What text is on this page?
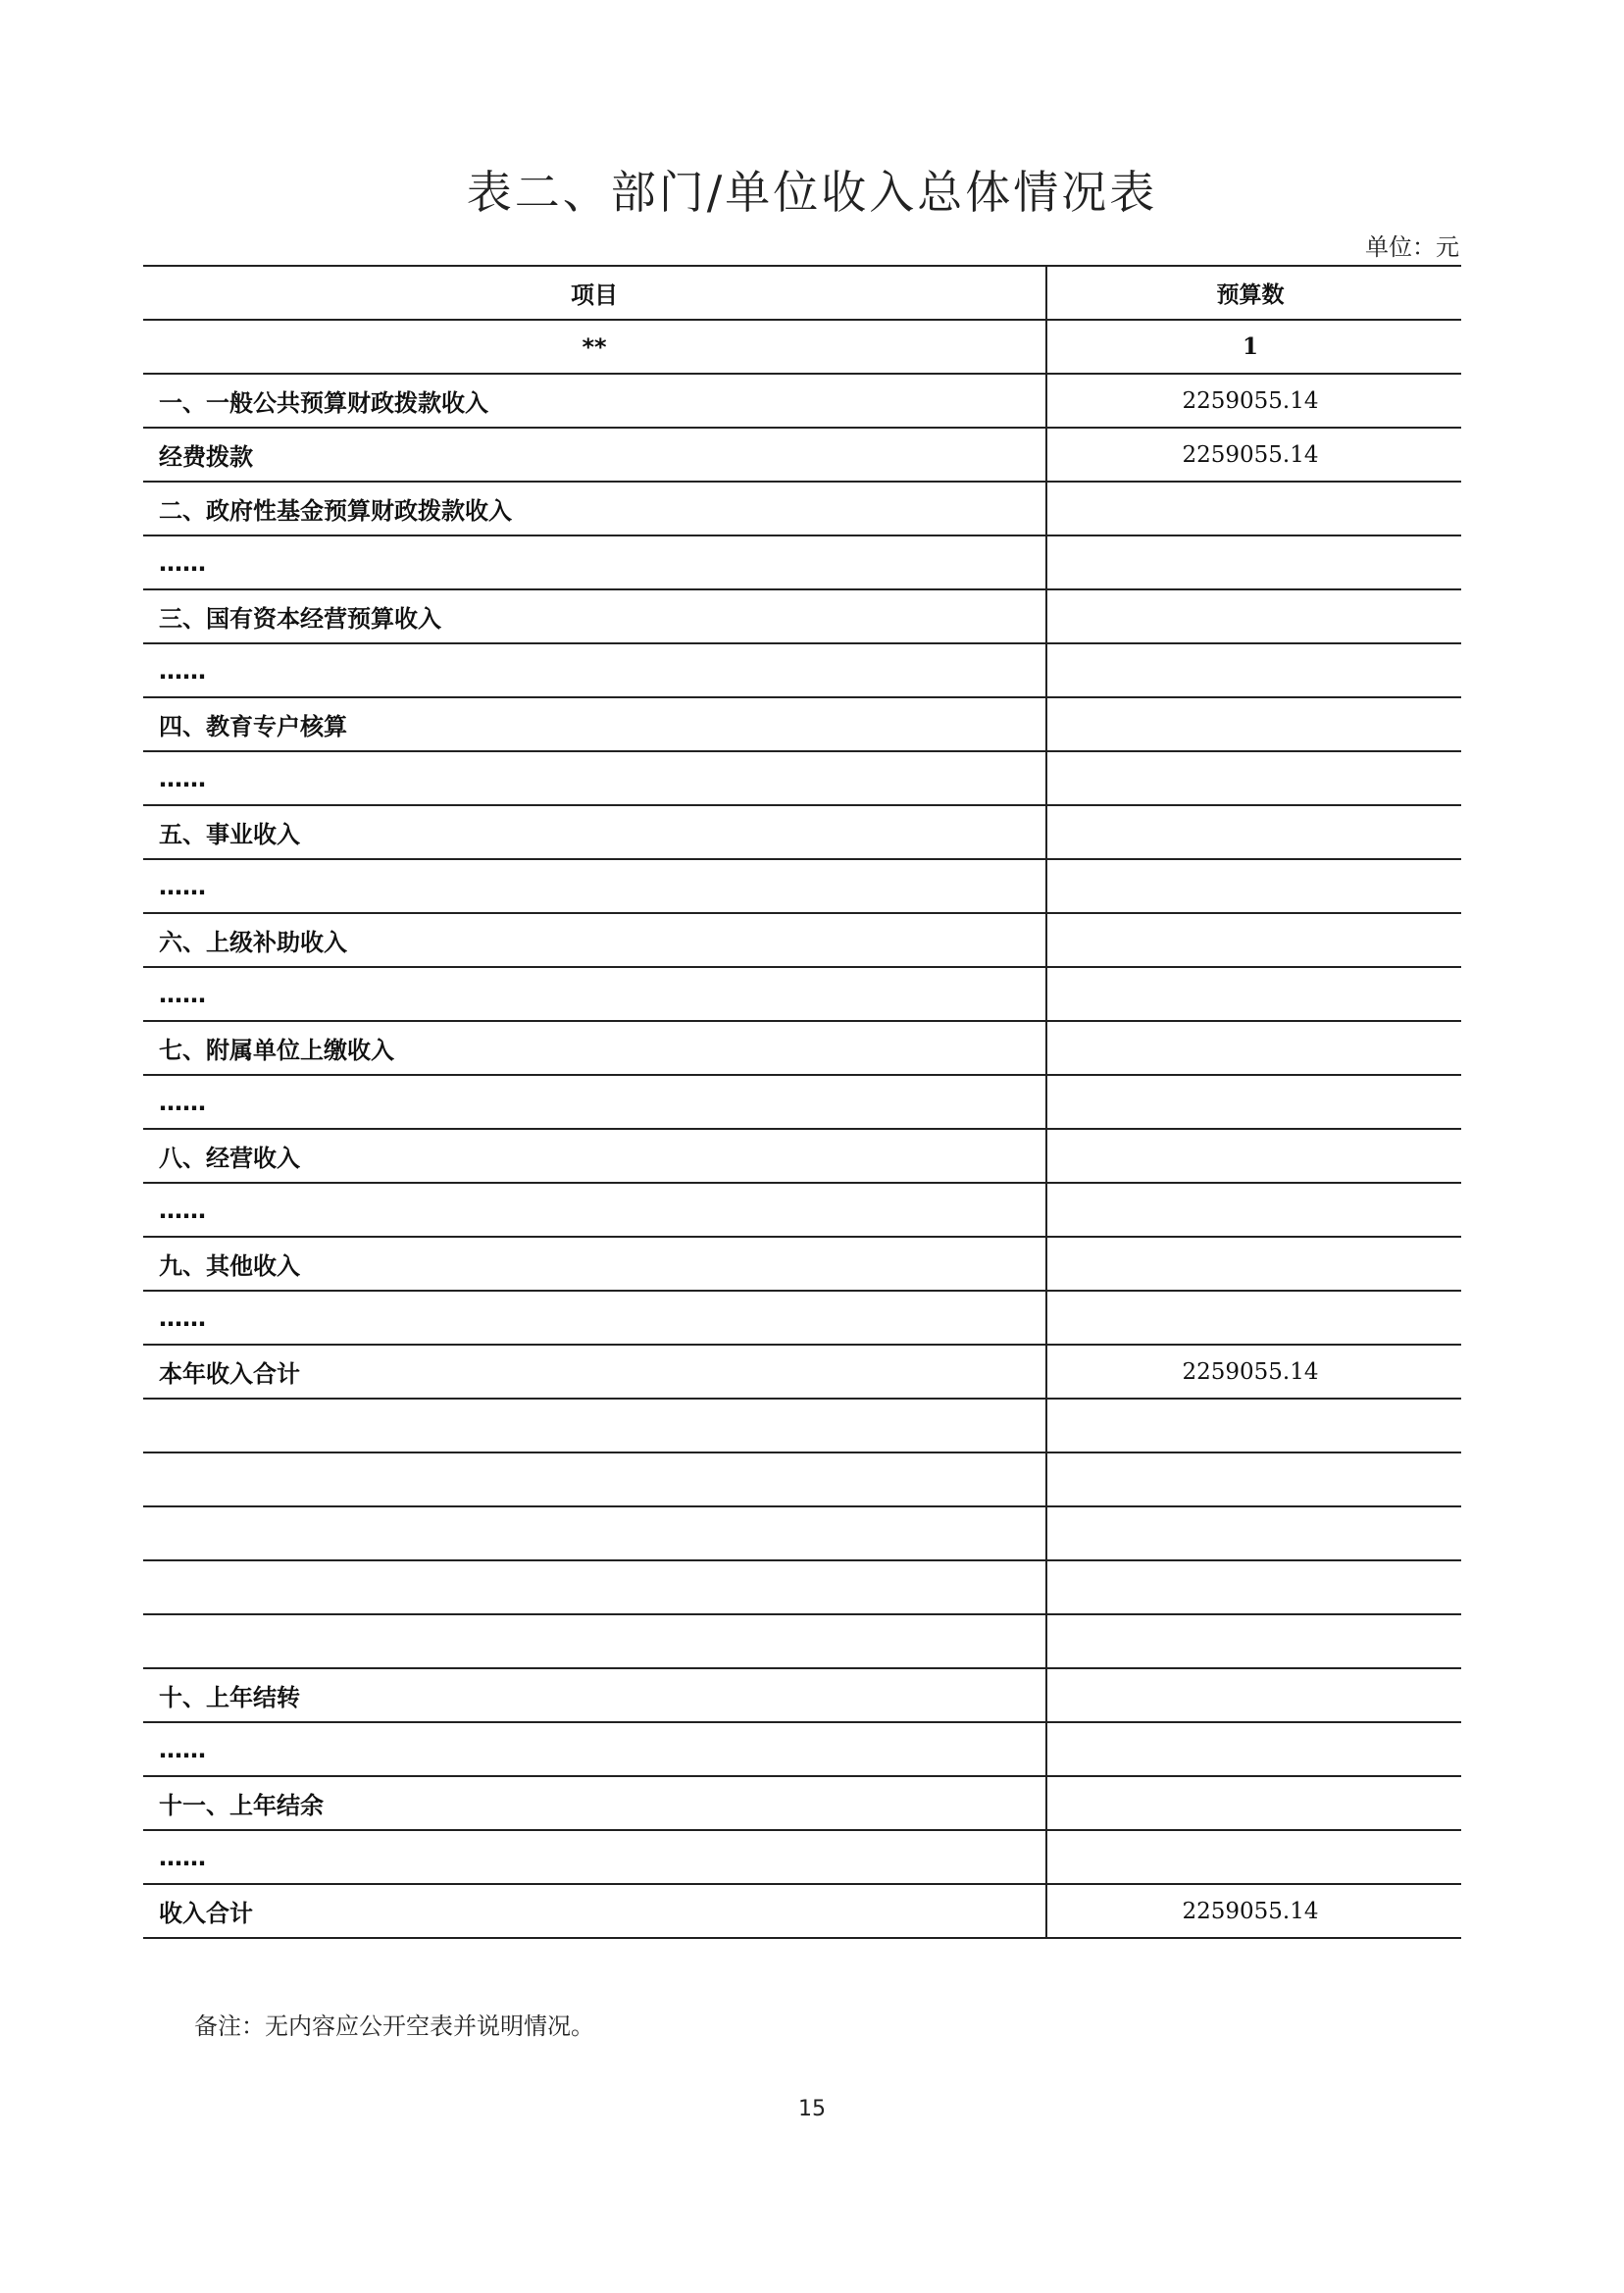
表二、部门/单位收入总体情况表
单位：元
项目	预算数
**	1
一、一般公共预算财政拨款收入	2259055.14
经费拨款	2259055.14
二、政府性基金预算财政拨款收入
……
三、国有资本经营预算收入
……
四、教育专户核算
……
五、事业收入
……
六、上级补助收入
……
七、附属单位上缴收入
……
八、经营收入
……
九、其他收入
……
本年收入合计	2259055.14
十、上年结转
……
十一、上年结余
……
收入合计	2259055.14
备注：无内容应公开空表并说明情况。
15
